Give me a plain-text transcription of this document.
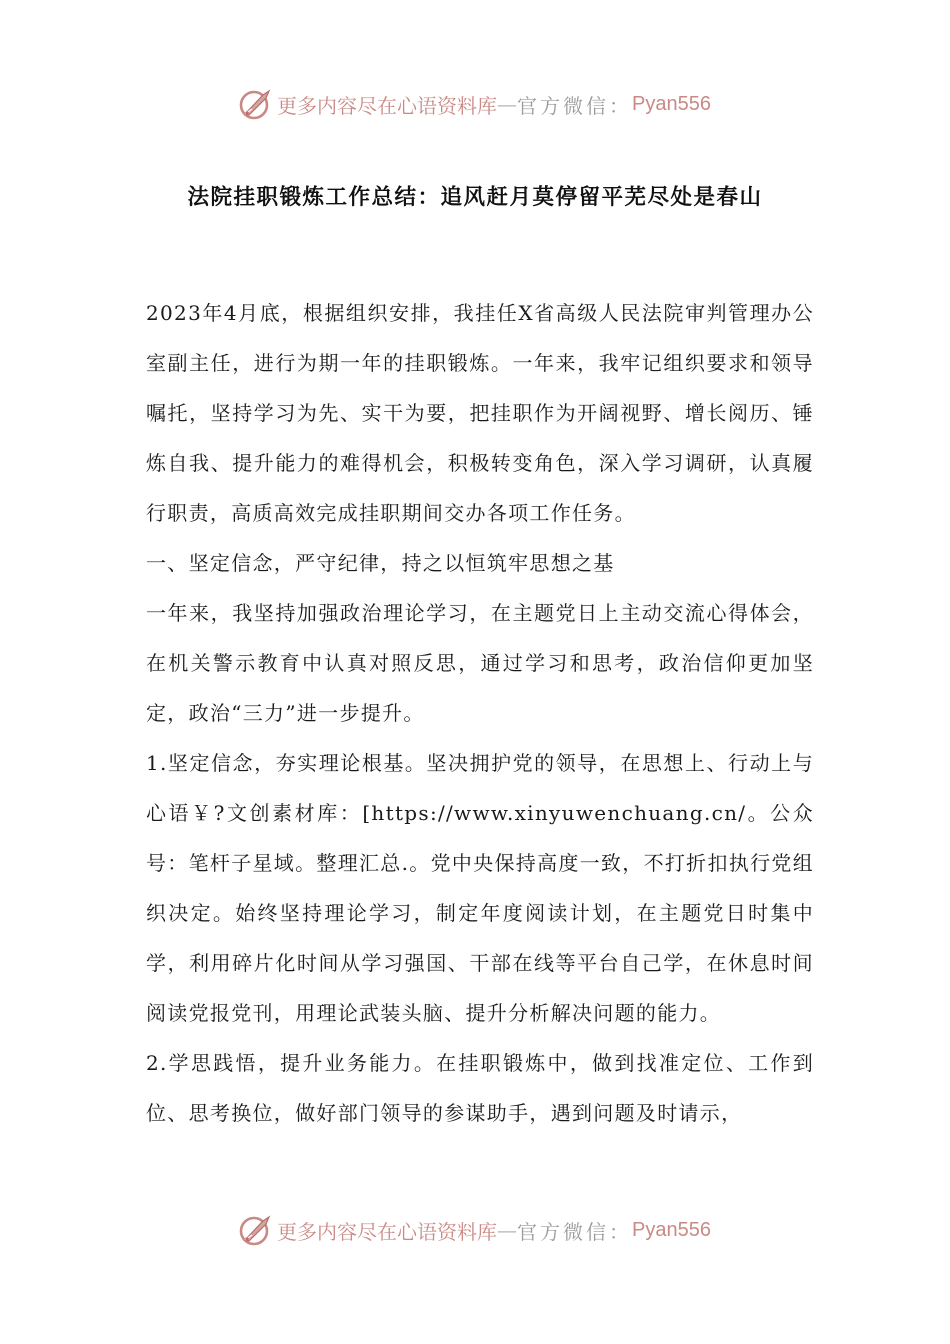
更多内容尽在心语资料库 — 官方微信： Pyan556
法院挂职锻炼工作总结：追风赶月莫停留平芜尽处是春山

2023年4月底，根据组织安排，我挂任X省高级人民法院审判管理办公室副主任，进行为期一年的挂职锻炼。一年来，我牢记组织要求和领导嘱托，坚持学习为先、实干为要，把挂职作为开阔视野、增长阅历、锤炼自我、提升能力的难得机会，积极转变角色，深入学习调研，认真履行职责，高质高效完成挂职期间交办各项工作任务。

一、坚定信念，严守纪律，持之以恒筑牢思想之基

一年来，我坚持加强政治理论学习，在主题党日上主动交流心得体会，在机关警示教育中认真对照反思，通过学习和思考，政治信仰更加坚定，政治“三力”进一步提升。

1.坚定信念，夯实理论根基。坚决拥护党的领导，在思想上、行动上与心语￥?文创素材库：[https://www.xinyuwenchuang.cn/。公众号：笔杆子星域。整理汇总.。党中央保持高度一致，不打折扣执行党组织决定。始终坚持理论学习，制定年度阅读计划，在主题党日时集中学，利用碎片化时间从学习强国、干部在线等平台自己学，在休息时间阅读党报党刊，用理论武装头脑、提升分析解决问题的能力。

2.学思践悟，提升业务能力。在挂职锻炼中，做到找准定位、工作到位、思考换位，做好部门领导的参谋助手，遇到问题及时请示，

更多内容尽在心语资料库 — 官方微信： Pyan556
